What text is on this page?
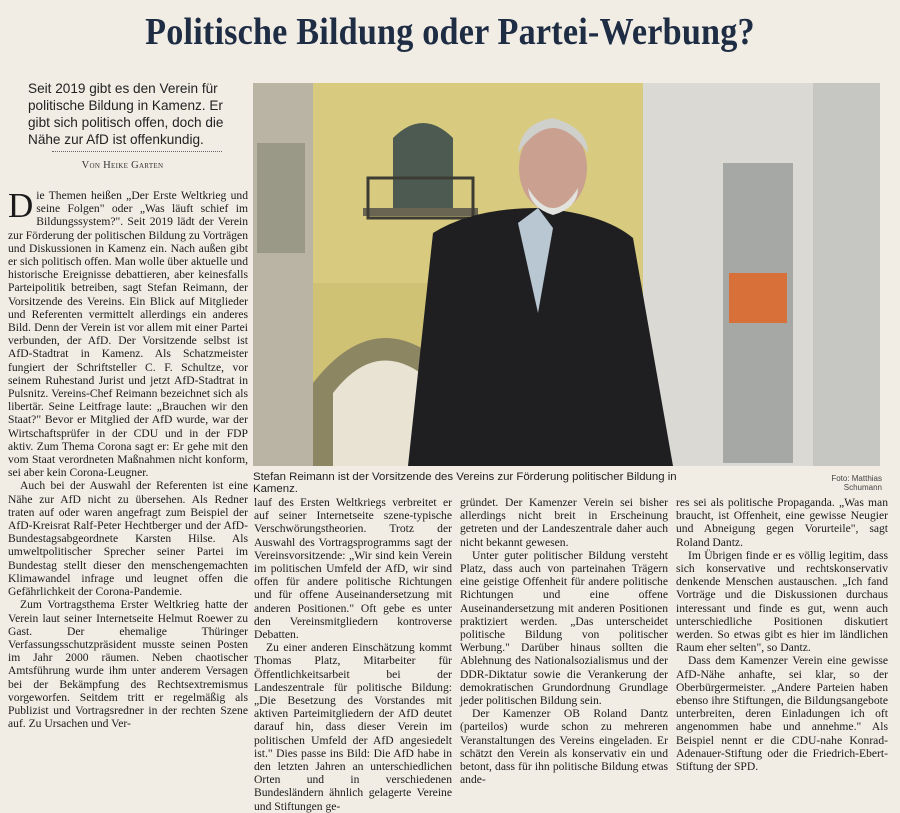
Politische Bildung oder Partei-Werbung?
Seit 2019 gibt es den Verein für politische Bildung in Kamenz. Er gibt sich politisch offen, doch die Nähe zur AfD ist offenkundig.
Von Heike Garten

Die Themen heißen „Der Erste Weltkrieg und seine Folgen" oder „Was läuft schief im Bildungssystem?". Seit 2019 lädt der Verein zur Förderung der politischen Bildung zu Vorträgen und Diskussionen in Kamenz ein. Nach außen gibt er sich politisch offen. Man wolle über aktuelle und historische Ereignisse debattieren, aber keinesfalls Parteipolitik betreiben, sagt Stefan Reimann, der Vorsitzende des Vereins. Ein Blick auf Mitglieder und Referenten vermittelt allerdings ein anderes Bild. Denn der Verein ist vor allem mit einer Partei verbunden, der AfD. Der Vorsitzende selbst ist AfD-Stadtrat in Kamenz. Als Schatzmeister fungiert der Schriftsteller C. F. Schultze, vor seinem Ruhestand Jurist und jetzt AfD-Stadtrat in Pulsnitz. Vereins-Chef Reimann bezeichnet sich als libertär. Seine Leitfrage laute: „Brauchen wir den Staat?" Bevor er Mitglied der AfD wurde, war der Wirtschaftsprüfer in der CDU und in der FDP aktiv. Zum Thema Corona sagt er: Er gehe mit den vom Staat verordneten Maßnahmen nicht konform, sei aber kein Corona-Leugner.

Auch bei der Auswahl der Referenten ist eine Nähe zur AfD nicht zu übersehen. Als Redner traten auf oder waren angefragt zum Beispiel der AfD-Kreisrat Ralf-Peter Hechtberger und der AfD-Bundestagsabgeordnete Karsten Hilse. Als umweltpolitischer Sprecher seiner Partei im Bundestag stellt dieser den menschengemachten Klimawandel infrage und leugnet offen die Gefährlichkeit der Corona-Pandemie.

Zum Vortragsthema Erster Weltkrieg hatte der Verein laut seiner Internetseite Helmut Roewer zu Gast. Der ehemalige Thüringer Verfassungsschutzpräsident musste seinen Posten im Jahr 2000 räumen. Neben chaotischer Amtsführung wurde ihm unter anderem Versagen bei der Bekämpfung des Rechtsextremismus vorgeworfen. Seitdem tritt er regelmäßig als Publizist und Vortragsredner in der rechten Szene auf. Zu Ursachen und Ver-

Stefan Reimann ist der Vorsitzende des Vereins zur Förderung politischer Bildung in Kamenz.
Foto: Matthias Schumann

lauf des Ersten Weltkriegs verbreitet er auf seiner Internetseite szene-typische Verschwörungstheorien. Trotz der Auswahl des Vortragsprogramms sagt der Vereinsvorsitzende: „Wir sind kein Verein im politischen Umfeld der AfD, wir sind offen für andere politische Richtungen und für offene Auseinandersetzung mit anderen Positionen." Oft gebe es unter den Vereinsmitgliedern kontroverse Debatten.

Zu einer anderen Einschätzung kommt Thomas Platz, Mitarbeiter für Öffentlichkeitsarbeit bei der Landeszentrale für politische Bildung: „Die Besetzung des Vorstandes mit aktiven Parteimitgliedern der AfD deutet darauf hin, dass dieser Verein im politischen Umfeld der AfD angesiedelt ist." Dies passe ins Bild: Die AfD habe in den letzten Jahren an unterschiedlichen Orten und in verschiedenen Bundesländern ähnlich gelagerte Vereine und Stiftungen ge-

gründet. Der Kamenzer Verein sei bisher allerdings nicht breit in Erscheinung getreten und der Landeszentrale daher auch nicht bekannt gewesen.

Unter guter politischer Bildung versteht Platz, dass auch von parteinahen Trägern eine geistige Offenheit für andere politische Richtungen und eine offene Auseinandersetzung mit anderen Positionen praktiziert werden. „Das unterscheidet politische Bildung von politischer Werbung." Darüber hinaus sollten die Ablehnung des Nationalsozialismus und der DDR-Diktatur sowie die Verankerung der demokratischen Grundordnung Grundlage jeder politischen Bildung sein.

Der Kamenzer OB Roland Dantz (parteilos) wurde schon zu mehreren Veranstaltungen des Vereins eingeladen. Er schätzt den Verein als konservativ ein und betont, dass für ihn politische Bildung etwas ande-

res sei als politische Propaganda. „Was man braucht, ist Offenheit, eine gewisse Neugier und Abneigung gegen Vorurteile", sagt Roland Dantz.

Im Übrigen finde er es völlig legitim, dass sich konservative und rechtskonservativ denkende Menschen austauschen. „Ich fand Vorträge und die Diskussionen durchaus interessant und finde es gut, wenn auch unterschiedliche Positionen diskutiert werden. So etwas gibt es hier im ländlichen Raum eher selten", so Dantz.

Dass dem Kamenzer Verein eine gewisse AfD-Nähe anhafte, sei klar, so der Oberbürgermeister. „Andere Parteien haben ebenso ihre Stiftungen, die Bildungsangebote unterbreiten, deren Einladungen ich oft angenommen habe und annehme." Als Beispiel nennt er die CDU-nahe Konrad-Adenauer-Stiftung oder die Friedrich-Ebert-Stiftung der SPD.
